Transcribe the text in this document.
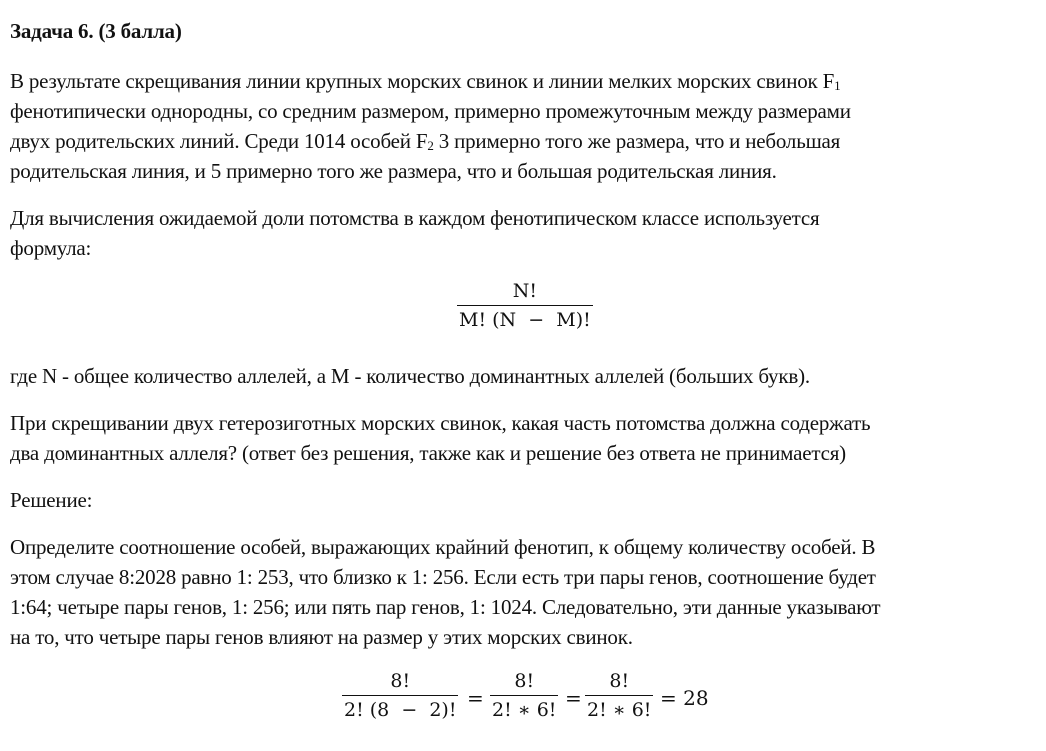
Задача 6. (3 балла)
В результате скрещивания линии крупных морских свинок и линии мелких морских свинок $F_1$
фенотипически однородны, со средним размером, примерно промежуточным между размерами
двух родительских линий. Среди 1014 особей $F_2$ 3 примерно того же размера, что и небольшая
родительская линия, и 5 примерно того же размера, что и большая родительская линия.
Для вычисления ожидаемой доли потомства в каждом фенотипическом классе используется
формула:
$\frac{N!}{M! (N - M)!}$
где N - общее количество аллелей, а M - количество доминантных аллелей (больших букв).
При скрещивании двух гетерозиготных морских свинок, какая часть потомства должна содержать
два доминантных аллеля? (ответ без решения, также как и решение без ответа не принимается)
Решение:
Определите соотношение особей, выражающих крайний фенотип, к общему количеству особей. В
этом случае 8:2028 равно 1: 253, что близко к 1: 256. Если есть три пары генов, соотношение будет
1:64; четыре пары генов, 1: 256; или пять пар генов, 1: 1024. Следовательно, эти данные указывают
на то, что четыре пары генов влияют на размер у этих морских свинок.
$\frac{8!}{2! (8 - 2)!} = \frac{8!}{2! ∗ 6!} = \frac{8!}{2! ∗ 6!} = 28$
